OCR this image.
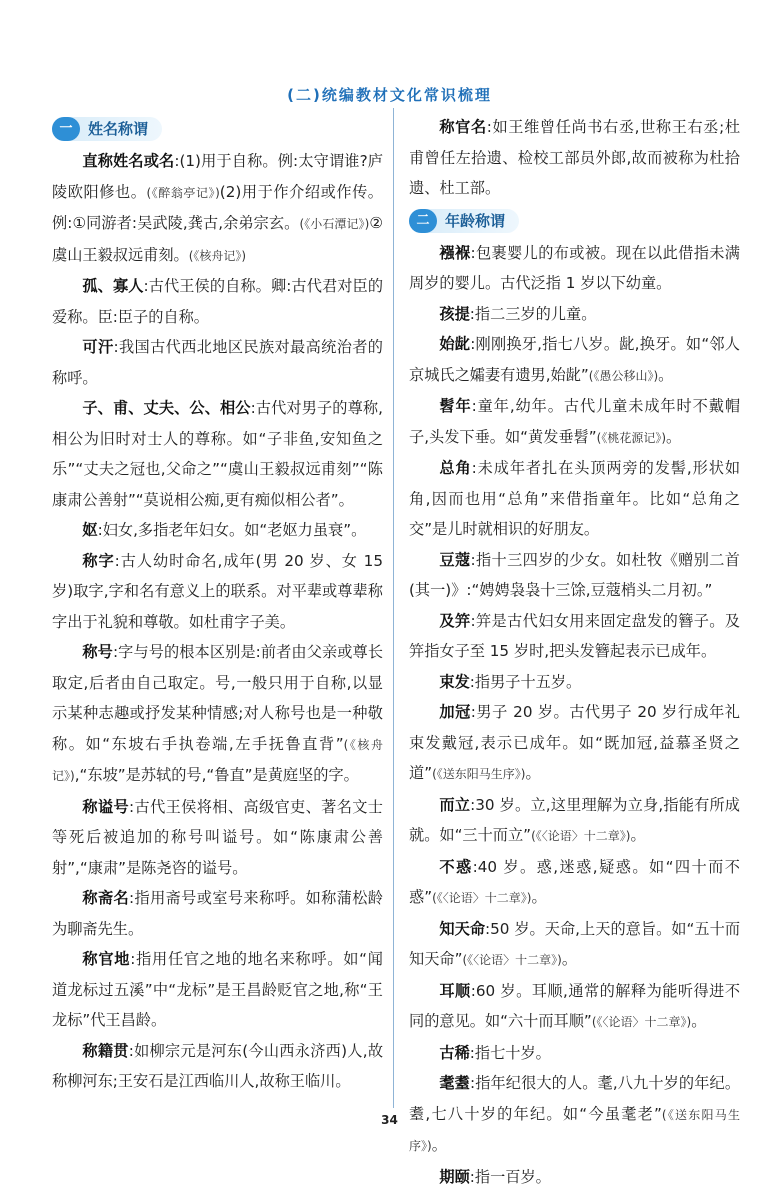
(二)统编教材文化常识梳理
一	姓名称谓

直称姓名或名:(1)用于自称。例:太守谓谁?庐陵欧阳修也。(《醉翁亭记》)(2)用于作介绍或作传。例:①同游者:吴武陵,龚古,余弟宗玄。(《小石潭记》)②虞山王毅叔远甫刻。(《核舟记》)

孤、寡人:古代王侯的自称。卿:古代君对臣的爱称。臣:臣子的自称。

可汗:我国古代西北地区民族对最高统治者的称呼。

子、甫、丈夫、公、相公:古代对男子的尊称,相公为旧时对士人的尊称。如“子非鱼,安知鱼之乐”“丈夫之冠也,父命之”“虞山王毅叔远甫刻”“陈康肃公善射”“莫说相公痴,更有痴似相公者”。

妪:妇女,多指老年妇女。如“老妪力虽衰”。

称字:古人幼时命名,成年(男 20 岁、女 15 岁)取字,字和名有意义上的联系。对平辈或尊辈称字出于礼貌和尊敬。如杜甫字子美。

称号:字与号的根本区别是:前者由父亲或尊长取定,后者由自己取定。号,一般只用于自称,以显示某种志趣或抒发某种情感;对人称号也是一种敬称。如“东坡右手执卷端,左手抚鲁直背”(《核舟记》),“东坡”是苏轼的号,“鲁直”是黄庭坚的字。

称谥号:古代王侯将相、高级官吏、著名文士等死后被追加的称号叫谥号。如“陈康肃公善射”,“康肃”是陈尧咨的谥号。

称斋名:指用斋号或室号来称呼。如称蒲松龄为聊斋先生。

称官地:指用任官之地的地名来称呼。如“闻道龙标过五溪”中“龙标”是王昌龄贬官之地,称“王龙标”代王昌龄。

称籍贯:如柳宗元是河东(今山西永济西)人,故称柳河东;王安石是江西临川人,故称王临川。

称官名:如王维曾任尚书右丞,世称王右丞;杜甫曾任左拾遗、检校工部员外郎,故而被称为杜拾遗、杜工部。

二	年龄称谓

襁褓:包裹婴儿的布或被。现在以此借指未满周岁的婴儿。古代泛指 1 岁以下幼童。

孩提:指二三岁的儿童。

始龀:刚刚换牙,指七八岁。龀,换牙。如“邻人京城氏之孀妻有遗男,始龀”(《愚公移山》)。

髫年:童年,幼年。古代儿童未成年时不戴帽子,头发下垂。如“黄发垂髫”(《桃花源记》)。

总角:未成年者扎在头顶两旁的发髻,形状如角,因而也用“总角”来借指童年。比如“总角之交”是儿时就相识的好朋友。

豆蔻:指十三四岁的少女。如杜牧《赠别二首(其一)》:“娉娉袅袅十三馀,豆蔻梢头二月初。”

及笄:笄是古代妇女用来固定盘发的簪子。及笄指女子至 15 岁时,把头发簪起表示已成年。

束发:指男子十五岁。

加冠:男子 20 岁。古代男子 20 岁行成年礼束发戴冠,表示已成年。如“既加冠,益慕圣贤之道”(《送东阳马生序》)。

而立:30 岁。立,这里理解为立身,指能有所成就。如“三十而立”(《〈论语〉十二章》)。

不惑:40 岁。惑,迷惑,疑惑。如“四十而不惑”(《〈论语〉十二章》)。

知天命:50 岁。天命,上天的意旨。如“五十而知天命”(《〈论语〉十二章》)。

耳顺:60 岁。耳顺,通常的解释为能听得进不同的意见。如“六十而耳顺”(《〈论语〉十二章》)。

古稀:指七十岁。

耄耋:指年纪很大的人。耄,八九十岁的年纪。耋,七八十岁的年纪。如“今虽耄老”(《送东阳马生序》)。

期颐:指一百岁。

34
